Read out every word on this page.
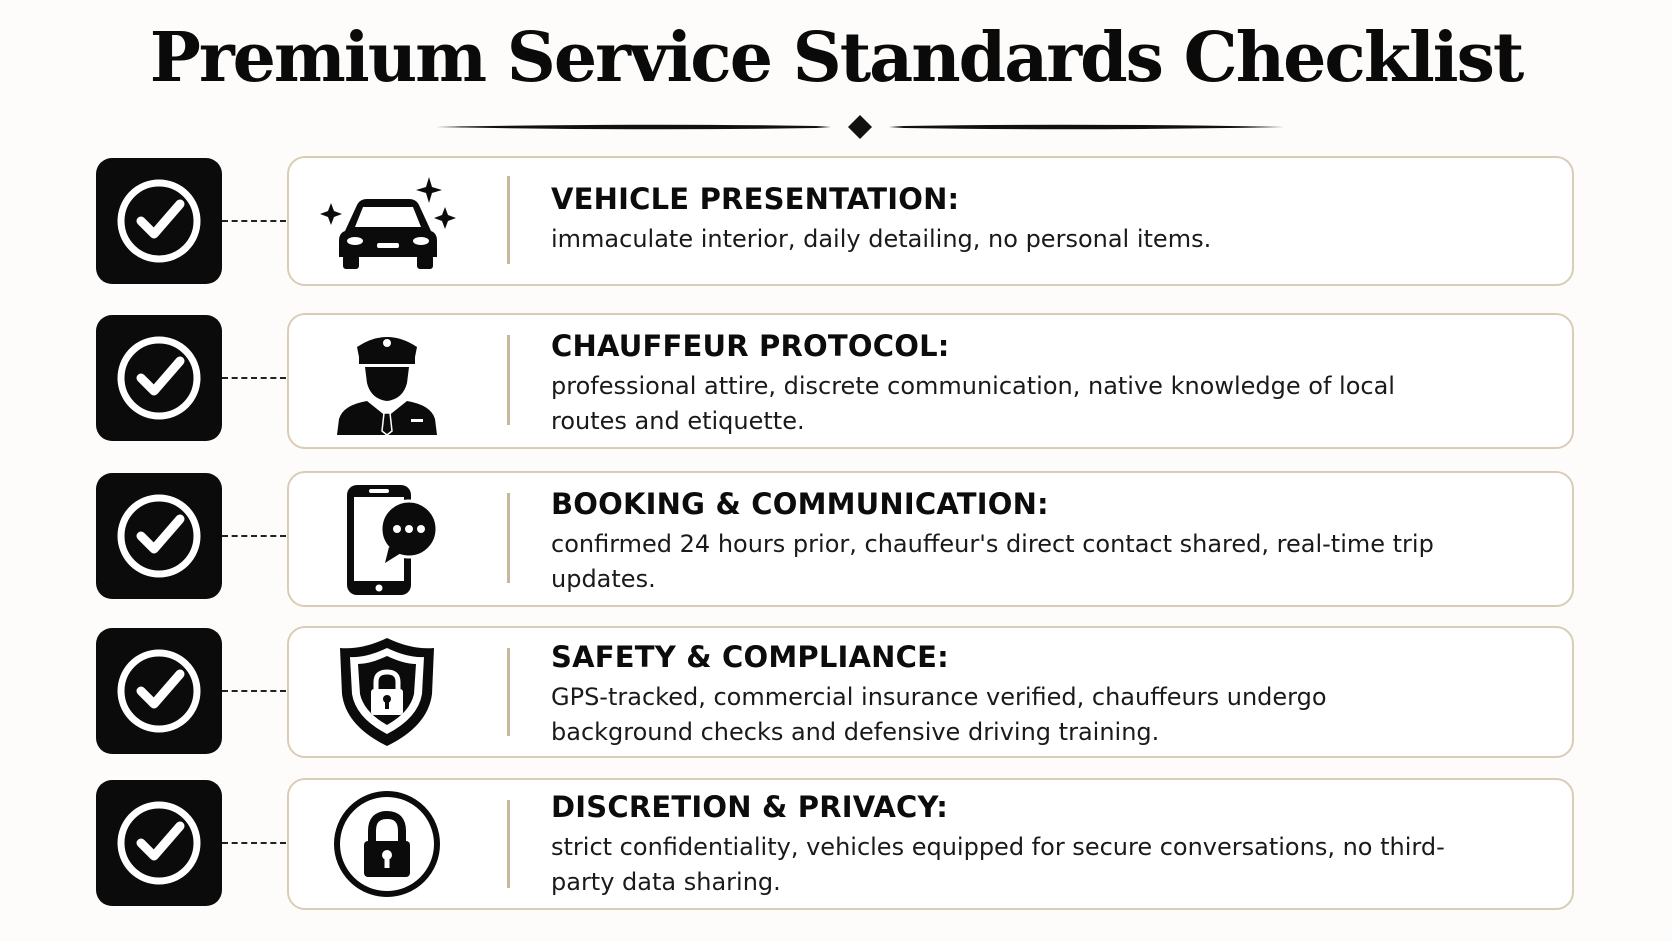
Premium Service Standards Checklist

VEHICLE PRESENTATION:

immaculate interior, daily detailing, no personal items.

CHAUFFEUR PROTOCOL:

professional attire, discrete communication, native knowledge of local routes and etiquette.

BOOKING & COMMUNICATION:

confirmed 24 hours prior, chauffeur's direct contact shared, real-time trip updates.

SAFETY & COMPLIANCE:

GPS-tracked, commercial insurance verified, chauffeurs undergo background checks and defensive driving training.

DISCRETION & PRIVACY:

strict confidentiality, vehicles equipped for secure conversations, no third-party data sharing.
